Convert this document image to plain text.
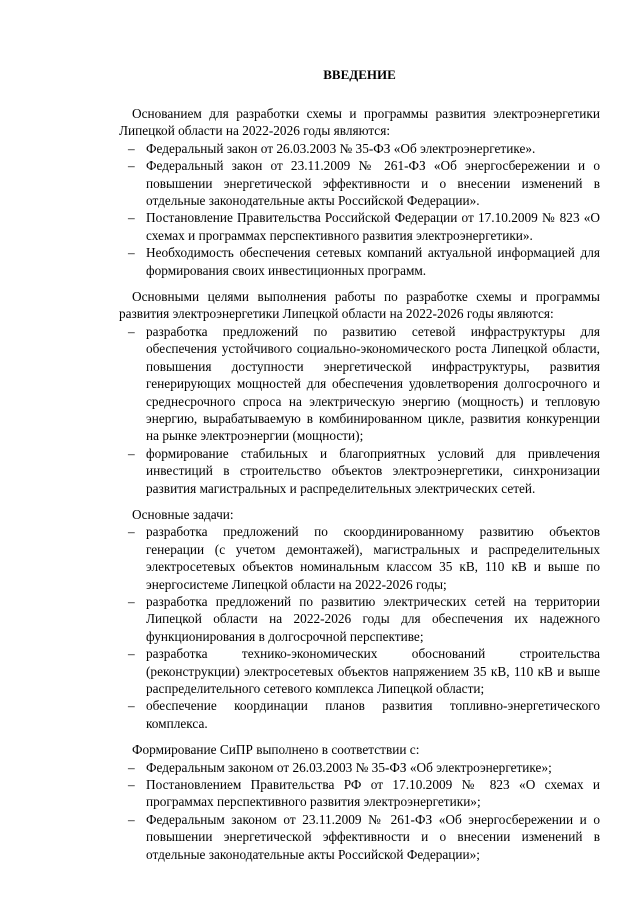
ВВЕДЕНИЕ

Основанием для разработки схемы и программы развития электроэнергетики Липецкой области на 2022-2026 годы являются:

– Федеральный закон от 26.03.2003 № 35-ФЗ «Об электроэнергетике».
– Федеральный закон от 23.11.2009 № 261-ФЗ «Об энергосбережении и о повышении энергетической эффективности и о внесении изменений в отдельные законодательные акты Российской Федерации».
– Постановление Правительства Российской Федерации от 17.10.2009 № 823 «О схемах и программах перспективного развития электроэнергетики».
– Необходимость обеспечения сетевых компаний актуальной информацией для формирования своих инвестиционных программ.

Основными целями выполнения работы по разработке схемы и программы развития электроэнергетики Липецкой области на 2022-2026 годы являются:

– разработка предложений по развитию сетевой инфраструктуры для обеспечения устойчивого социально-экономического роста Липецкой области, повышения доступности энергетической инфраструктуры, развития генерирующих мощностей для обеспечения удовлетворения долгосрочного и среднесрочного спроса на электрическую энергию (мощность) и тепловую энергию, вырабатываемую в комбинированном цикле, развития конкуренции на рынке электроэнергии (мощности);
– формирование стабильных и благоприятных условий для привлечения инвестиций в строительство объектов электроэнергетики, синхронизации развития магистральных и распределительных электрических сетей.

Основные задачи:

– разработка предложений по скоординированному развитию объектов генерации (с учетом демонтажей), магистральных и распределительных электросетевых объектов номинальным классом 35 кВ, 110 кВ и выше по энергосистеме Липецкой области на 2022-2026 годы;
– разработка предложений по развитию электрических сетей на территории Липецкой области на 2022-2026 годы для обеспечения их надежного функционирования в долгосрочной перспективе;
– разработка технико-экономических обоснований строительства (реконструкции) электросетевых объектов напряжением 35 кВ, 110 кВ и выше распределительного сетевого комплекса Липецкой области;
– обеспечение координации планов развития топливно-энергетического комплекса.

Формирование СиПР выполнено в соответствии с:

– Федеральным законом от 26.03.2003 № 35-ФЗ «Об электроэнергетике»;
– Постановлением Правительства РФ от 17.10.2009 № 823 «О схемах и программах перспективного развития электроэнергетики»;
– Федеральным законом от 23.11.2009 № 261-ФЗ «Об энергосбережении и о повышении энергетической эффективности и о внесении изменений в отдельные законодательные акты Российской Федерации»;
